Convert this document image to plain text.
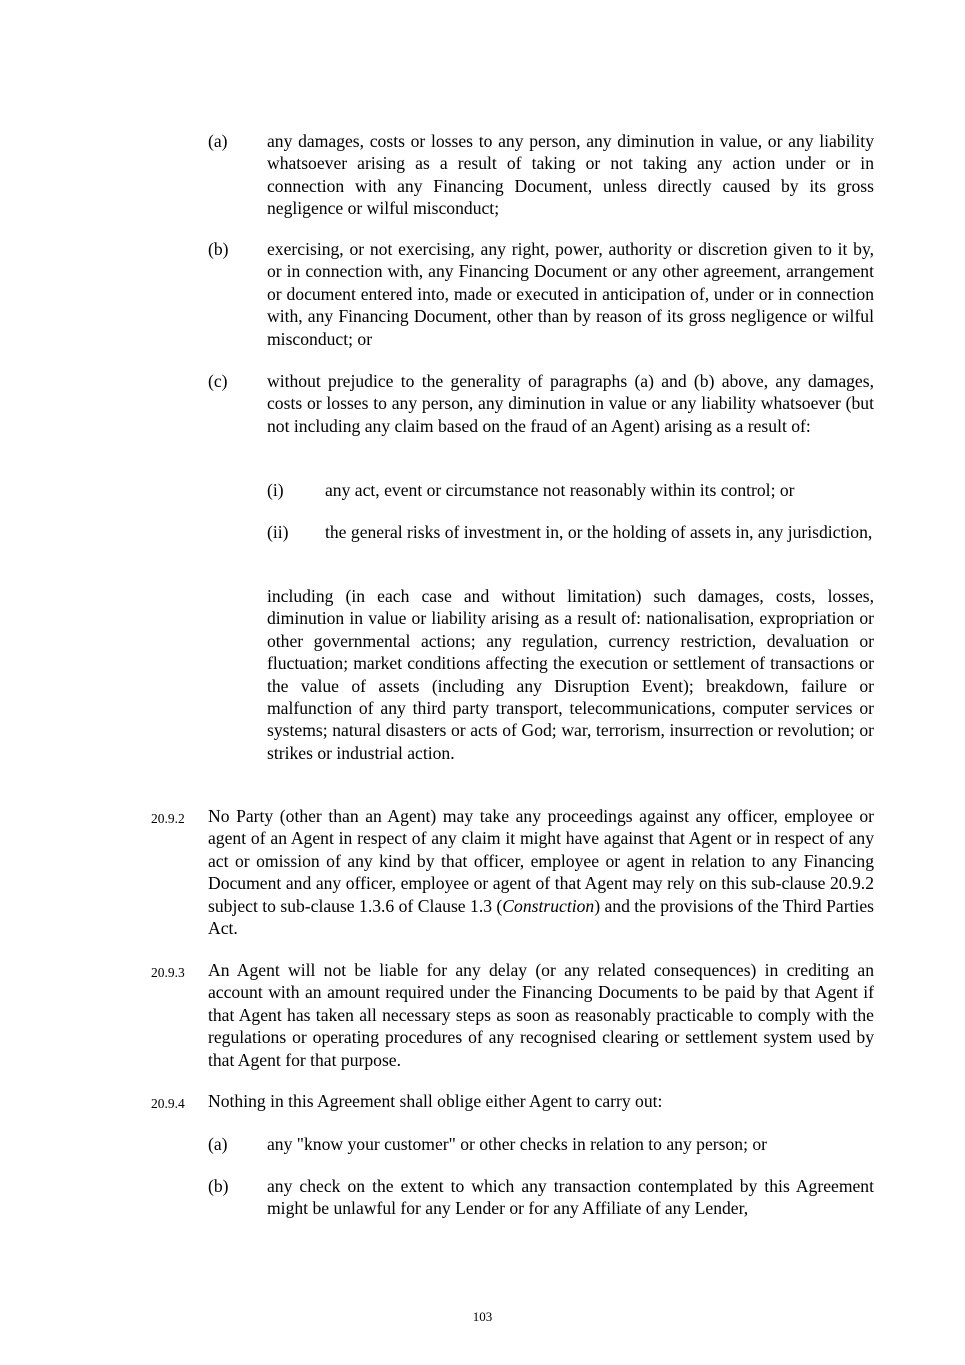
(a) any damages, costs or losses to any person, any diminution in value, or any liability whatsoever arising as a result of taking or not taking any action under or in connection with any Financing Document, unless directly caused by its gross negligence or wilful misconduct;
(b) exercising, or not exercising, any right, power, authority or discretion given to it by, or in connection with, any Financing Document or any other agreement, arrangement or document entered into, made or executed in anticipation of, under or in connection with, any Financing Document, other than by reason of its gross negligence or wilful misconduct; or
(c) without prejudice to the generality of paragraphs (a) and (b) above, any damages, costs or losses to any person, any diminution in value or any liability whatsoever (but not including any claim based on the fraud of an Agent) arising as a result of:
(i) any act, event or circumstance not reasonably within its control; or
(ii) the general risks of investment in, or the holding of assets in, any jurisdiction,
including (in each case and without limitation) such damages, costs, losses, diminution in value or liability arising as a result of: nationalisation, expropriation or other governmental actions; any regulation, currency restriction, devaluation or fluctuation; market conditions affecting the execution or settlement of transactions or the value of assets (including any Disruption Event); breakdown, failure or malfunction of any third party transport, telecommunications, computer services or systems; natural disasters or acts of God; war, terrorism, insurrection or revolution; or strikes or industrial action.
20.9.2 No Party (other than an Agent) may take any proceedings against any officer, employee or agent of an Agent in respect of any claim it might have against that Agent or in respect of any act or omission of any kind by that officer, employee or agent in relation to any Financing Document and any officer, employee or agent of that Agent may rely on this sub-clause 20.9.2 subject to sub-clause 1.3.6 of Clause 1.3 (Construction) and the provisions of the Third Parties Act.
20.9.3 An Agent will not be liable for any delay (or any related consequences) in crediting an account with an amount required under the Financing Documents to be paid by that Agent if that Agent has taken all necessary steps as soon as reasonably practicable to comply with the regulations or operating procedures of any recognised clearing or settlement system used by that Agent for that purpose.
20.9.4 Nothing in this Agreement shall oblige either Agent to carry out:
(a) any "know your customer" or other checks in relation to any person; or
(b) any check on the extent to which any transaction contemplated by this Agreement might be unlawful for any Lender or for any Affiliate of any Lender,
103
